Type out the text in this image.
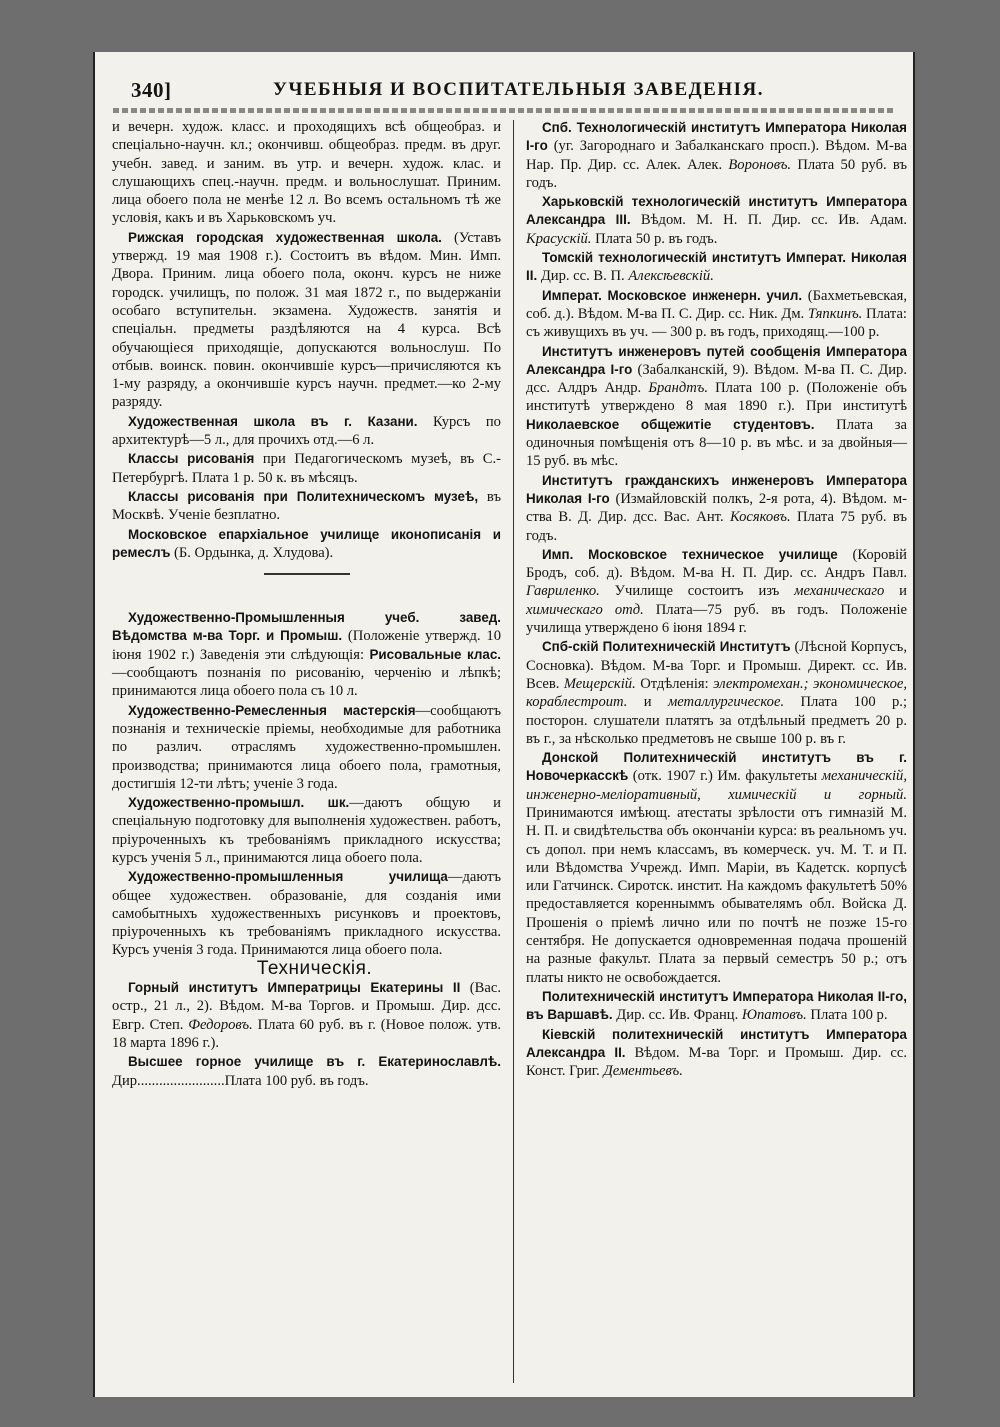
340]	УЧЕБНЫЯ И ВОСПИТАТЕЛЬНЫЯ ЗАВЕДЕНІЯ.

и вечерн. худож. класс. и проходящихъ всѣ общеобраз. и спеціально-научн. кл.; окончивш. общеобраз. предм. въ друг. учебн. завед. и заним. въ утр. и вечерн. худож. клас. и слушающихъ спец.-научн. предм. и вольнослушат. Приним. лица обоего пола не менѣе 12 л. Во всемъ остальномъ тѣ же условія, какъ и въ Харьковскомъ уч.

Рижская городская художественная школа. (Уставъ утвержд. 19 мая 1908 г.). Состоитъ въ вѣдом. Мин. Имп. Двора. Приним. лица обоего пола, оконч. курсъ не ниже городск. училищъ, по полож. 31 мая 1872 г., по выдержаніи особаго вступительн. экзамена. Художеств. занятія и спеціальн. предметы раздѣляются на 4 курса. Всѣ обучающіеся приходящіе, допускаются вольнослуш. По отбыв. воинск. повин. окончившіе курсъ—причисляются къ 1-му разряду, а окончившіе курсъ научн. предмет.—ко 2-му разряду.

Художественная школа въ г. Казани. Курсъ по архитектурѣ—5 л., для прочихъ отд.—6 л.

Классы рисованія при Педагогическомъ музеѣ, въ С.-Петербургѣ. Плата 1 р. 50 к. въ мѣсяцъ.

Классы рисованія при Политехническомъ музеѣ, въ Москвѣ. Ученіе безплатно.

Московское епархіальное училище иконописанія и ремеслъ (Б. Ордынка, д. Хлудова).

Художественно-Промышленныя учеб. завед. Вѣдомства м-ва Торг. и Промыш. (Положеніе утвержд. 10 іюня 1902 г.) Заведенія эти слѣдующія: Рисовальные клас.—сообщаютъ познанія по рисованію, черченію и лѣпкѣ; принимаются лица обоего пола съ 10 л.

Художественно-Ремесленныя мастерскія—сообщаютъ познанія и техническіе пріемы, необходимые для работника по различ. отраслямъ художественно-промышлен. производства; принимаются лица обоего пола, грамотныя, достигшія 12-ти лѣтъ; ученіе 3 года.

Художественно-промышл. шк.—даютъ общую и спеціальную подготовку для выполненія художествен. работъ, пріуроченныхъ къ требованіямъ прикладного искусства; курсъ ученія 5 л., принимаются лица обоего пола.

Художественно-промышленныя училища—даютъ общее художествен. образованіе, для созданія ими самобытныхъ художественныхъ рисунковъ и проектовъ, пріуроченныхъ къ требованіямъ прикладного искусства. Курсъ ученія 3 года. Принимаются лица обоего пола.

Техническія.

Горный институтъ Императрицы Екатерины II (Вас. остр., 21 л., 2). Вѣдом. М-ва Торгов. и Промыш. Дир. дсс. Евгр. Степ. Федоровъ. Плата 60 руб. въ г. (Новое полож. утв. 18 марта 1896 г.).

Высшее горное училище въ г. Екатеринославлѣ. Дир........................Плата 100 руб. въ годъ.

Спб. Технологическій институтъ Императора Николая I-го (уг. Загороднаго и Забалканскаго просп.). Вѣдом. М-ва Нар. Пр. Дир. сс. Алек. Алек. Вороновъ. Плата 50 руб. въ годъ.

Харьковскій технологическій институтъ Императора Александра III. Вѣдом. М. Н. П. Дир. сс. Ив. Адам. Красускій. Плата 50 р. въ годъ.

Томскій технологическій институтъ Императ. Николая II. Дир. сс. В. П. Алексѣевскій.

Императ. Московское инженерн. учил. (Бахметьевская, соб. д.). Вѣдом. М-ва П. С. Дир. сс. Ник. Дм. Тяпкинъ. Плата: съ живущихъ въ уч. — 300 р. въ годъ, приходящ.—100 р.

Институтъ инженеровъ путей сообщенія Императора Александра I-го (Забалканскій, 9). Вѣдом. М-ва П. С. Дир. дсс. Алдръ Андр. Брандтъ. Плата 100 р. (Положеніе объ институтѣ утверждено 8 мая 1890 г.). При институтѣ Николаевское общежитіе студентовъ. Плата за одиночныя помѣщенія отъ 8—10 р. въ мѣс. и за двойныя—15 руб. въ мѣс.

Институтъ гражданскихъ инженеровъ Императора Николая I-го (Измайловскій полкъ, 2-я рота, 4). Вѣдом. м-ства В. Д. Дир. дсс. Вас. Ант. Косяковъ. Плата 75 руб. въ годъ.

Имп. Московское техническое училище (Коровій Бродъ, соб. д). Вѣдом. М-ва Н. П. Дир. сс. Андръ Павл. Гавриленко. Училище состоитъ изъ механическаго и химическаго отд. Плата—75 руб. въ годъ. Положеніе училища утверждено 6 іюня 1894 г.

Спб-скій Политехническій Институтъ (Лѣсной Корпусъ, Сосновка). Вѣдом. М-ва Торг. и Промыш. Директ. сс. Ив. Всев. Мещерскій. Отдѣленія: электромехан.; экономическое, кораблестроит. и металлургическое. Плата 100 р.; посторон. слушатели платятъ за отдѣльный предметъ 20 р. въ г., за нѣсколько предметовъ не свыше 100 р. въ г.

Донской Политехническій институтъ въ г. Новочеркасскѣ (отк. 1907 г.) Им. факультеты механическій, инженерно-меліоративный, химическій и горный. Принимаются имѣющ. атестаты зрѣлости отъ гимназій М. Н. П. и свидѣтельства объ окончаніи курса: въ реальномъ уч. съ допол. при немъ классамъ, въ комерческ. уч. М. Т. и П. или Вѣдомства Учрежд. Имп. Маріи, въ Кадетск. корпусѣ или Гатчинск. Сиротск. инстит. На каждомъ факультетѣ 50% предоставляется коренныммъ обывателямъ обл. Войска Д. Прошенія о пріемѣ лично или по почтѣ не позже 15-го сентября. Не допускается одновременная подача прошеній на разные факульт. Плата за первый семестръ 50 р.; отъ платы никто не освобождается.

Политехническій институтъ Императора Николая II-го, въ Варшавѣ. Дир. сс. Ив. Франц. Юпатовъ. Плата 100 р.

Кіевскій политехническій институтъ Императора Александра II. Вѣдом. М-ва Торг. и Промыш. Дир. сс. Конст. Григ. Дементьевъ.
